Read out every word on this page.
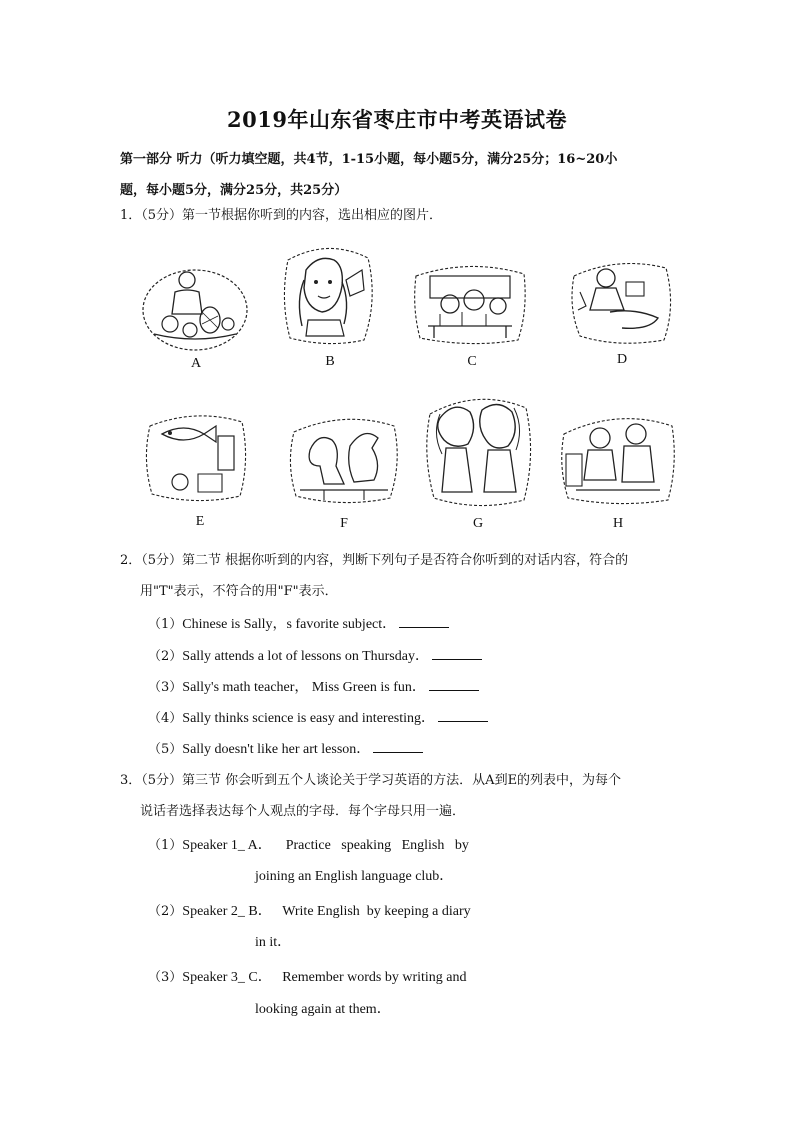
2019年山东省枣庄市中考英语试卷
第一部分 听力（听力填空题，共4节，1-15小题，每小题5分，满分25分；16~20小
题，每小题5分，满分25分，共25分）
1．（5分）第一节根据你听到的内容，选出相应的图片．
A	B	C	D
E	F	G	H
2．（5分）第二节 根据你听到的内容，判断下列句子是否符合你听到的对话内容，符合的
用"T"表示，不符合的用"F"表示．
（1）Chinese is Sally，s favorite subject．
（2）Sally attends a lot of lessons on Thursday．
（3）Sally's math teacher， Miss Green is fun．
（4）Sally thinks science is easy and interesting．
（5）Sally doesn't like her art lesson．
3．（5分）第三节 你会听到五个人谈论关于学习英语的方法．从A到E的列表中，为每个
说话者选择表达每个人观点的字母．每个字母只用一遍．
（1）Speaker 1_ A． Practice   speaking   English   by
joining an English language club．
（2）Speaker 2_ B． Write English  by keeping a diary
in it．
（3）Speaker 3_ C． Remember words by writing and
looking again at them．
